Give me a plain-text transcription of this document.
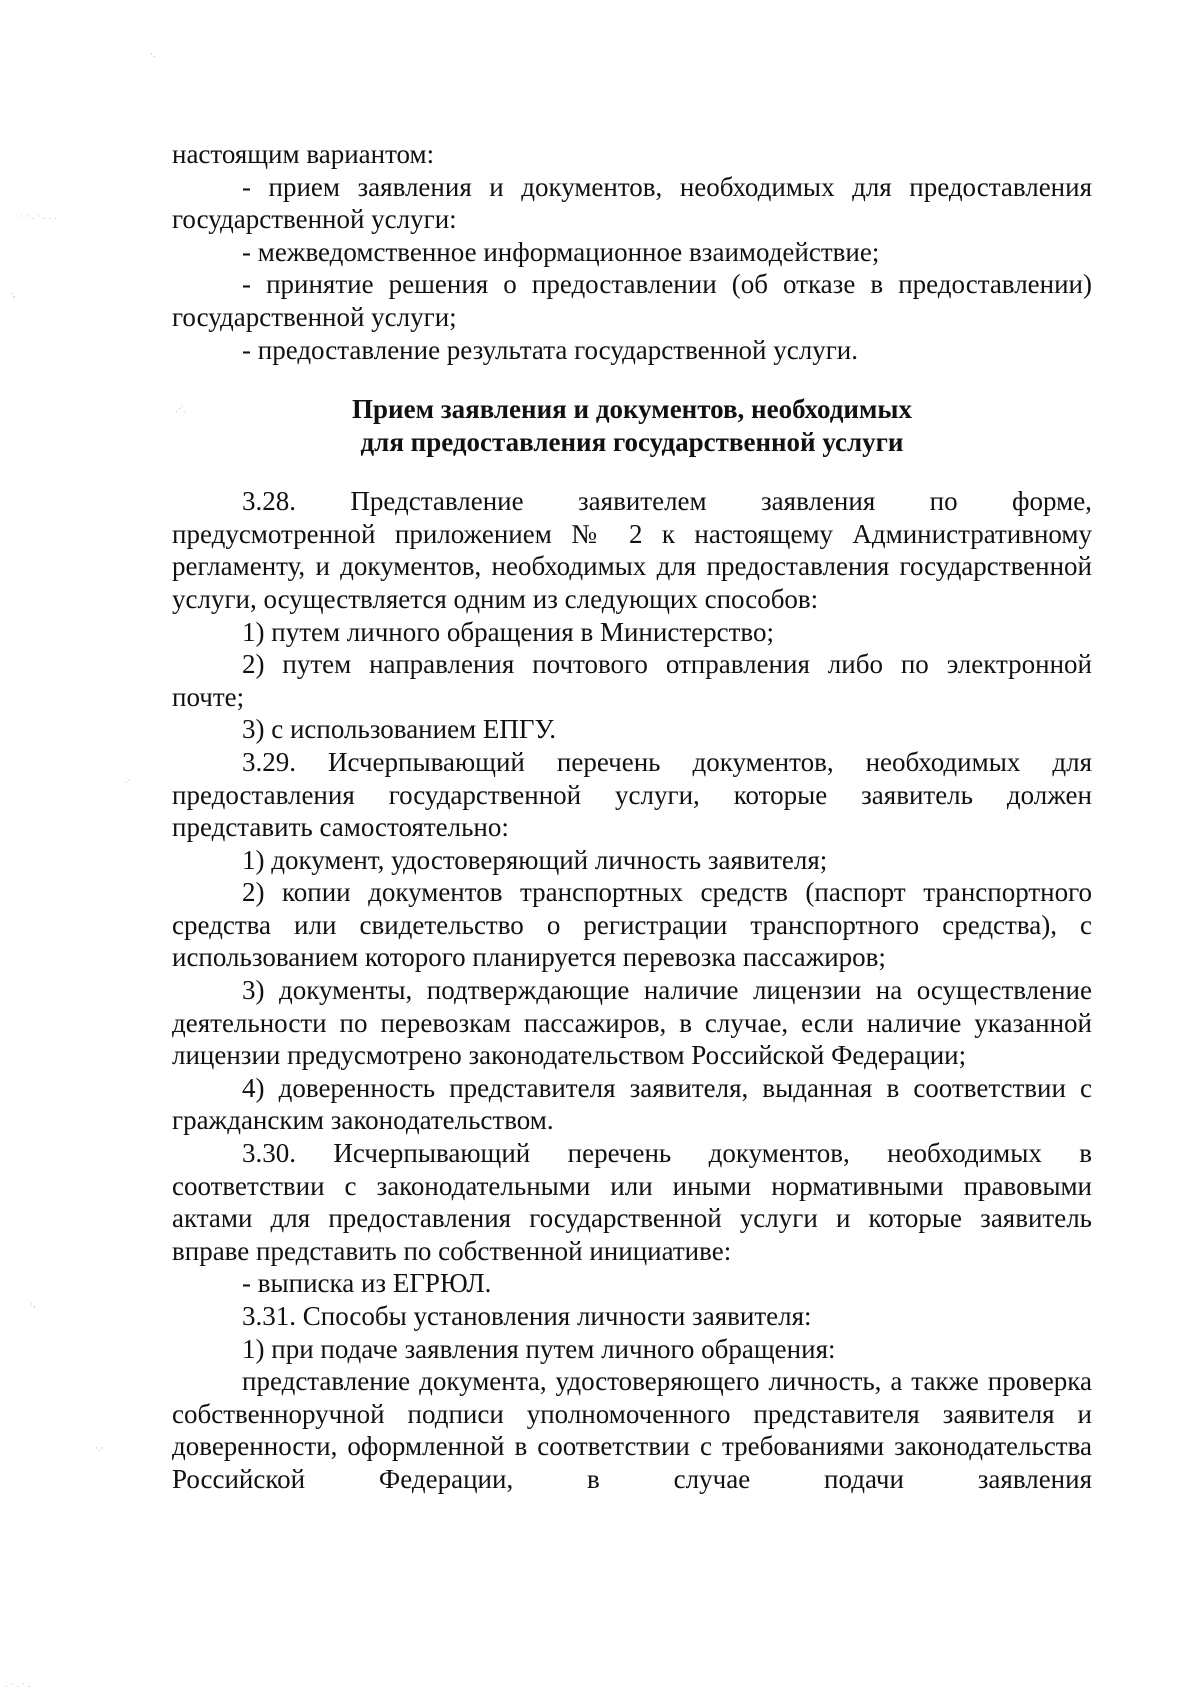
настоящим вариантом:

- прием заявления и документов, необходимых для предоставления государственной услуги:

- межведомственное информационное взаимодействие;

- принятие решения о предоставлении (об отказе в предоставлении) государственной услуги;

- предоставление результата государственной услуги.

Прием заявления и документов, необходимых
для предоставления государственной услуги
3.28. Представление заявителем заявления по форме,

предусмотренной приложением № 2 к настоящему Административному регламенту, и документов, необходимых для предоставления государственной услуги, осуществляется одним из следующих способов:

1) путем личного обращения в Министерство;

2) путем направления почтового отправления либо по электронной почте;

3) с использованием ЕПГУ.

3.29. Исчерпывающий перечень документов, необходимых для предоставления государственной услуги, которые заявитель должен представить самостоятельно:

1) документ, удостоверяющий личность заявителя;

2) копии документов транспортных средств (паспорт транспортного средства или свидетельство о регистрации транспортного средства), с использованием которого планируется перевозка пассажиров;

3) документы, подтверждающие наличие лицензии на осуществление деятельности по перевозкам пассажиров, в случае, если наличие указанной лицензии предусмотрено законодательством Российской Федерации;

4) доверенность представителя заявителя, выданная в соответствии с гражданским законодательством.

3.30. Исчерпывающий перечень документов, необходимых в соответствии с законодательными или иными нормативными правовыми актами для предоставления государственной услуги и которые заявитель вправе представить по собственной инициативе:

- выписка из ЕГРЮЛ.

3.31. Способы установления личности заявителя:

1) при подаче заявления путем личного обращения:

представление документа, удостоверяющего личность, а также проверка собственноручной подписи уполномоченного представителя заявителя и доверенности, оформленной в соответствии с требованиями законодательства Российской Федерации, в случае подачи заявления

·.
· · . · . . .
·,
.·‵.
.·
·,
·.·
. · . · .
